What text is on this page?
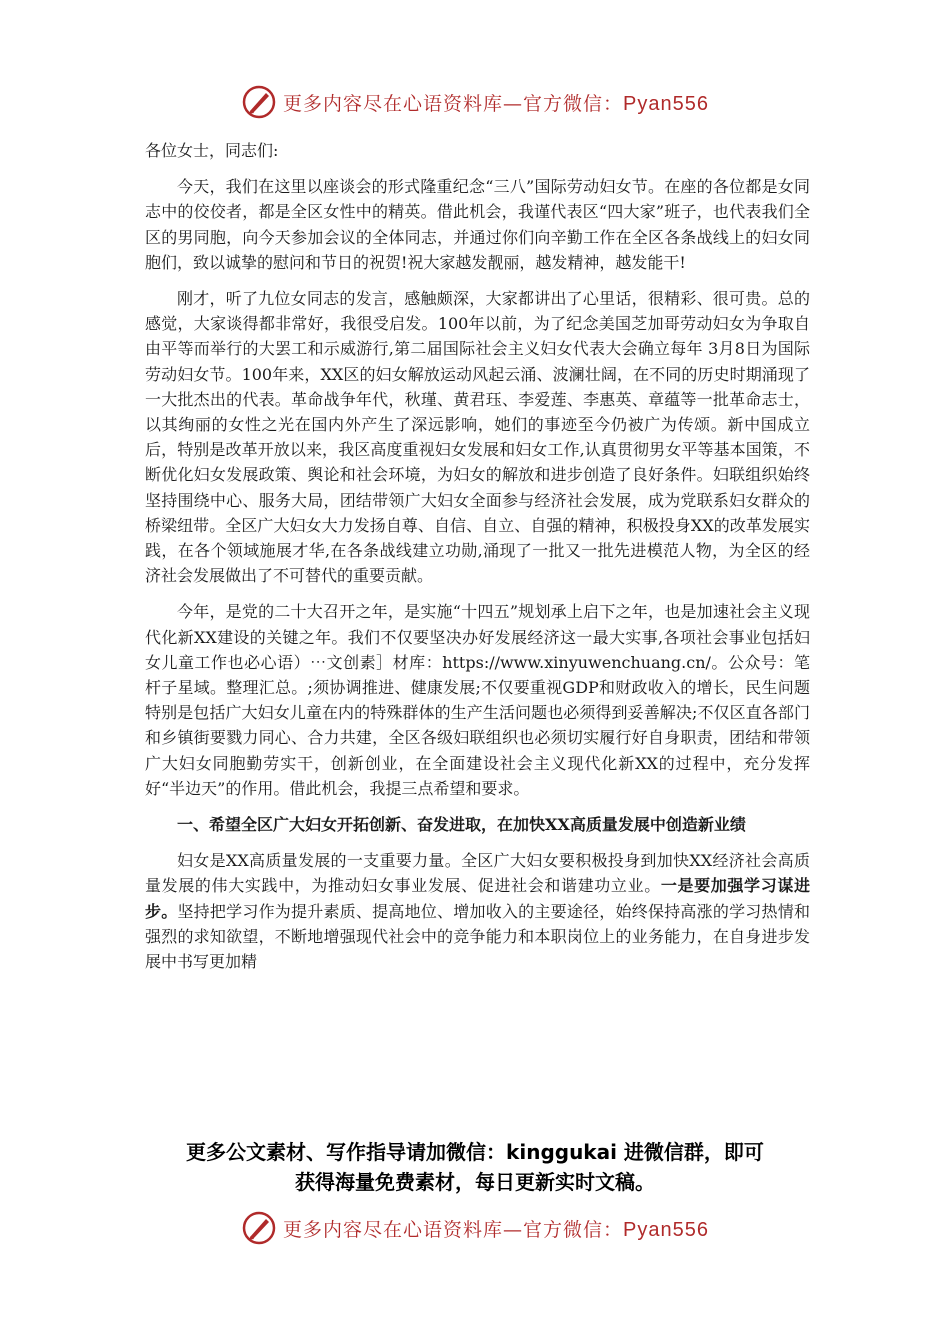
更多内容尽在心语资料库—官方微信：Pyan556

各位女士，同志们:

今天，我们在这里以座谈会的形式隆重纪念“三八”国际劳动妇女节。在座的各位都是女同志中的佼佼者，都是全区女性中的精英。借此机会，我谨代表区“四大家”班子，也代表我们全区的男同胞，向今天参加会议的全体同志，并通过你们向辛勤工作在全区各条战线上的妇女同胞们，致以诚挚的慰问和节日的祝贺!祝大家越发靓丽，越发精神，越发能干!

刚才，听了九位女同志的发言，感触颇深，大家都讲出了心里话，很精彩、很可贵。总的感觉，大家谈得都非常好，我很受启发。100年以前，为了纪念美国芝加哥劳动妇女为争取自由平等而举行的大罢工和示威游行,第二届国际社会主义妇女代表大会确立每年 3月8日为国际劳动妇女节。100年来，XX区的妇女解放运动风起云涌、波澜壮阔，在不同的历史时期涌现了一大批杰出的代表。革命战争年代，秋瑾、黄君珏、李爱莲、李惠英、章蕴等一批革命志士，以其绚丽的女性之光在国内外产生了深远影响，她们的事迹至今仍被广为传颂。新中国成立后，特别是改革开放以来，我区高度重视妇女发展和妇女工作,认真贯彻男女平等基本国策，不断优化妇女发展政策、舆论和社会环境，为妇女的解放和进步创造了良好条件。妇联组织始终坚持围绕中心、服务大局，团结带领广大妇女全面参与经济社会发展，成为党联系妇女群众的桥梁纽带。全区广大妇女大力发扬自尊、自信、自立、自强的精神，积极投身XX的改革发展实践，在各个领域施展才华,在各条战线建立功勋,涌现了一批又一批先进模范人物，为全区的经济社会发展做出了不可替代的重要贡献。

今年，是党的二十大召开之年，是实施“十四五”规划承上启下之年，也是加速社会主义现代化新XX建设的关键之年。我们不仅要坚决办好发展经济这一最大实事,各项社会事业包括妇女儿童工作也必心语）⋯文创素］材库：https://www.xinyuwenchuang.cn/。公众号：笔杆子星域。整理汇总。;须协调推进、健康发展;不仅要重视GDP和财政收入的增长，民生问题特别是包括广大妇女儿童在内的特殊群体的生产生活问题也必须得到妥善解决;不仅区直各部门和乡镇街要戮力同心、合力共建，全区各级妇联组织也必须切实履行好自身职责，团结和带领广大妇女同胞勤劳实干，创新创业，在全面建设社会主义现代化新XX的过程中，充分发挥好“半边天”的作用。借此机会，我提三点希望和要求。

一、希望全区广大妇女开拓创新、奋发进取，在加快XX高质量发展中创造新业绩

妇女是XX高质量发展的一支重要力量。全区广大妇女要积极投身到加快XX经济社会高质量发展的伟大实践中，为推动妇女事业发展、促进社会和谐建功立业。一是要加强学习谋进步。坚持把学习作为提升素质、提高地位、增加收入的主要途径，始终保持高涨的学习热情和强烈的求知欲望，不断地增强现代社会中的竞争能力和本职岗位上的业务能力，在自身进步发展中书写更加精

更多公文素材、写作指导请加微信：kinggukai 进微信群，即可
获得海量免费素材，每日更新实时文稿。
更多内容尽在心语资料库—官方微信：Pyan556
